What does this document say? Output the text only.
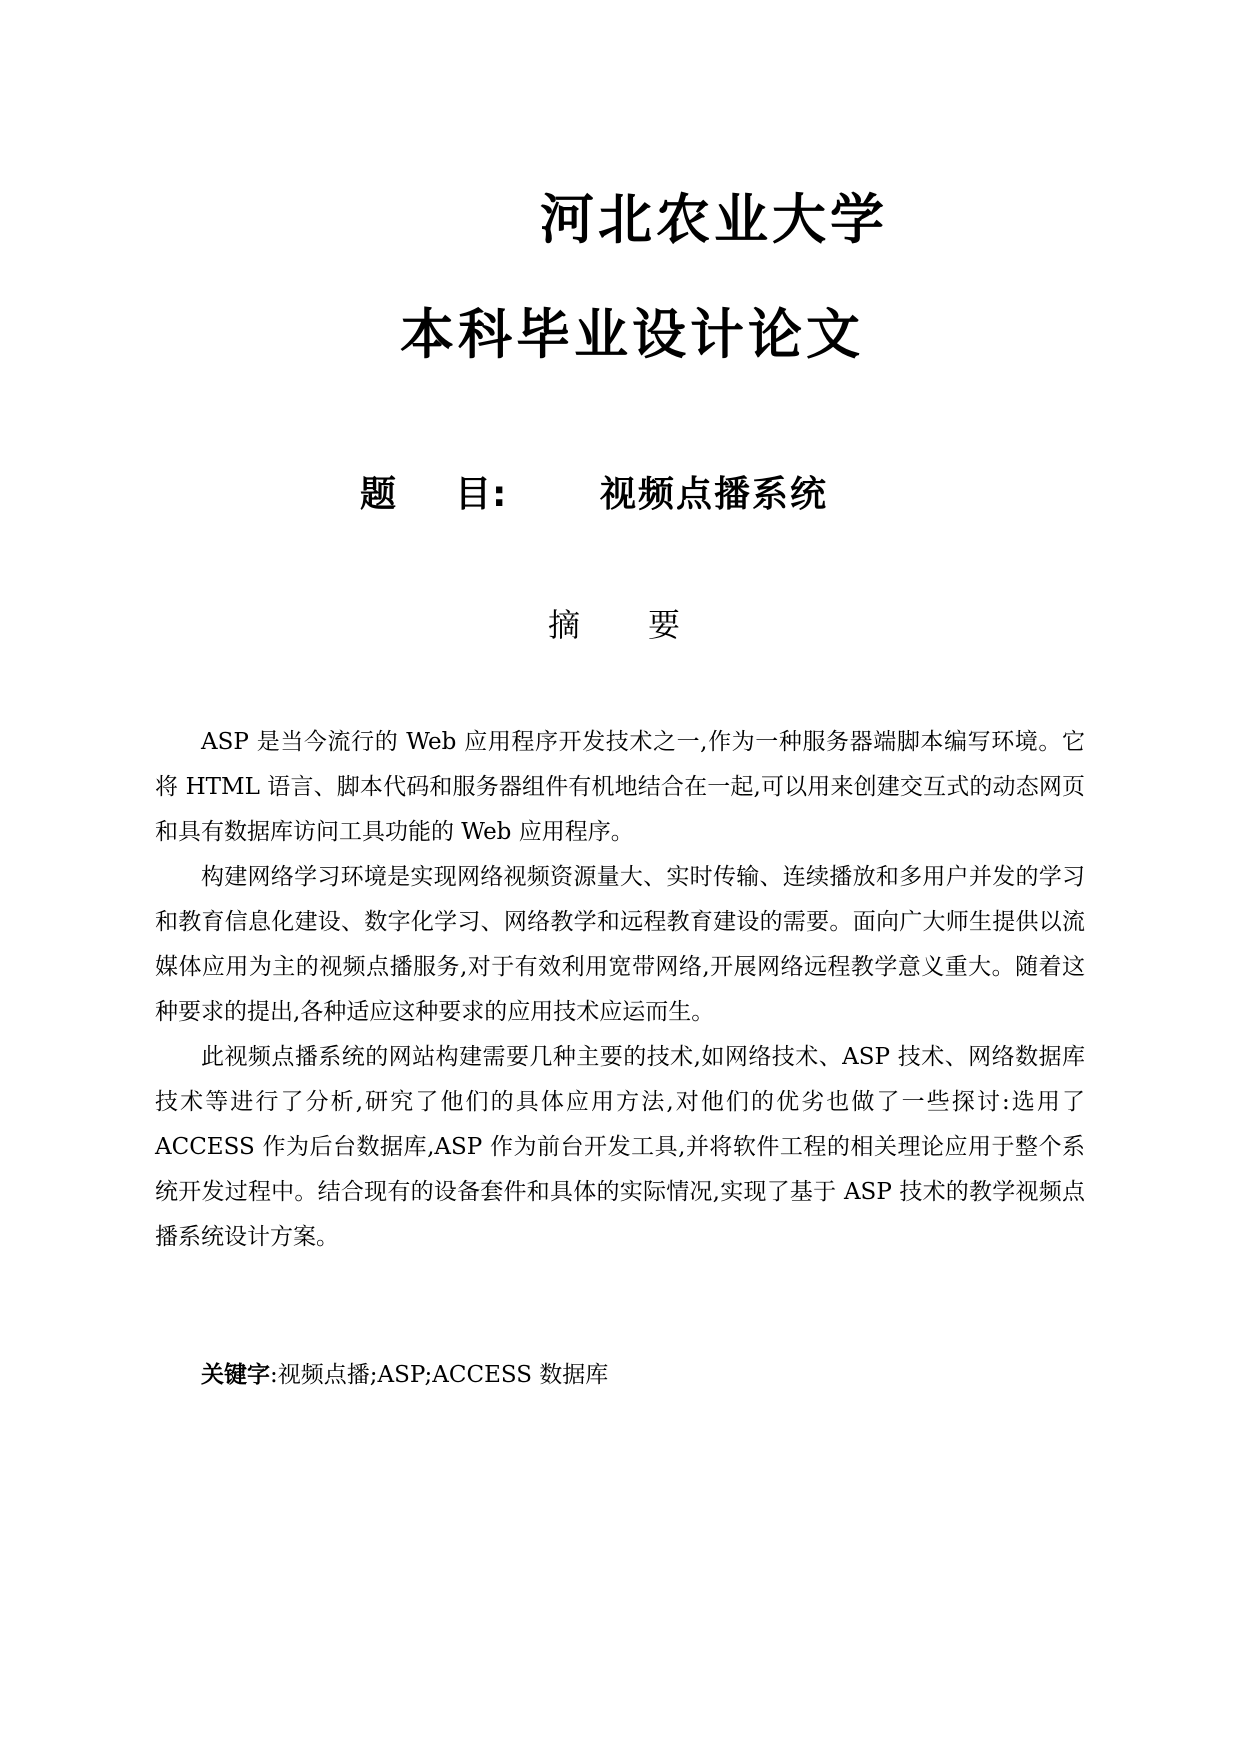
河北农业大学
本科毕业设计论文
题 目 :	视频点播系统
摘 要

ASP 是当今流行的 Web 应用程序开发技术之一,作为一种服务器端脚本编写环境。它将 HTML 语言、脚本代码和服务器组件有机地结合在一起,可以用来创建交互式的动态网页和具有数据库访问工具功能的 Web 应用程序。

构建网络学习环境是实现网络视频资源量大、实时传输、连续播放和多用户并发的学习和教育信息化建设、数字化学习、网络教学和远程教育建设的需要。面向广大师生提供以流媒体应用为主的视频点播服务,对于有效利用宽带网络,开展网络远程教学意义重大。随着这种要求的提出,各种适应这种要求的应用技术应运而生。

此视频点播系统的网站构建需要几种主要的技术,如网络技术、ASP 技术、网络数据库技术等进行了分析,研究了他们的具体应用方法,对他们的优劣也做了一些探讨:选用了 ACCESS 作为后台数据库,ASP 作为前台开发工具,并将软件工程的相关理论应用于整个系统开发过程中。结合现有的设备套件和具体的实际情况,实现了基于 ASP 技术的教学视频点播系统设计方案。

关键字:视频点播;ASP;ACCESS 数据库
